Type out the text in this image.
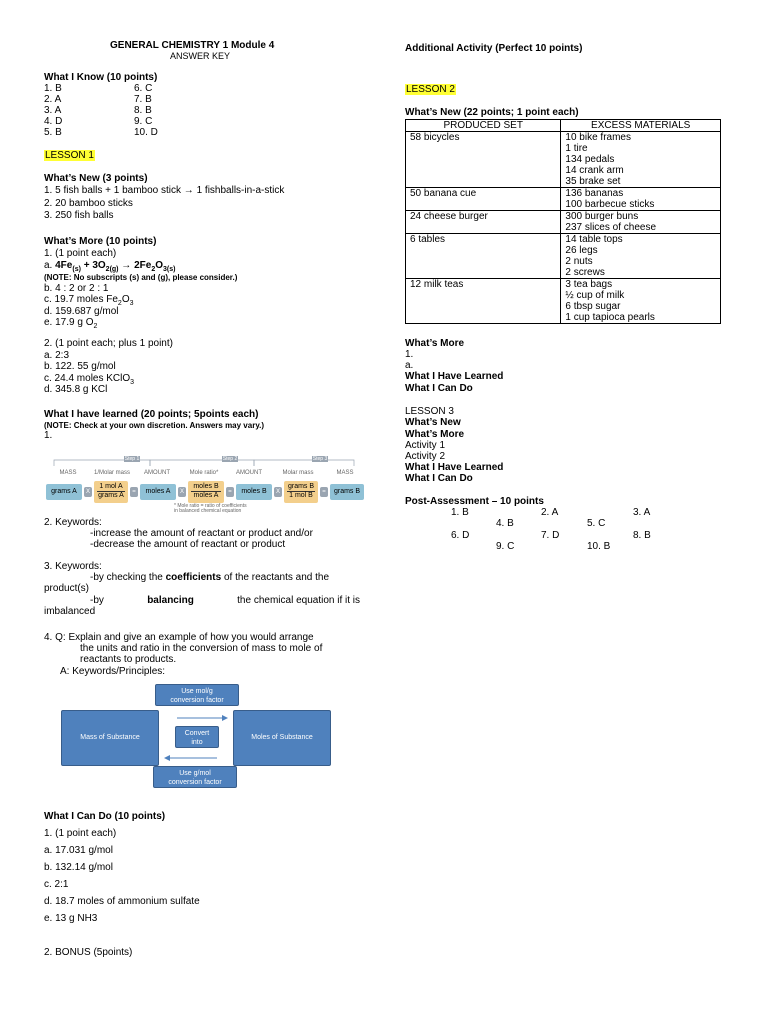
GENERAL CHEMISTRY 1 Module 4
ANSWER KEY
What I Know (10 points)
1. B
2. A
3. A
4. D
5. B
6. C
7. B
8. B
9. C
10. D
LESSON 1
What’s New (3 points)
1. 5 fish balls + 1 bamboo stick → 1 fishballs-in-a-stick
2. 20 bamboo sticks
3. 250 fish balls
What’s More (10 points)
1. (1 point each)
a. $4Fe_{(s)} + 3O_{2(g)} \to 2Fe_2O_{3(s)}$
(NOTE: No subscripts (s) and (g), please consider.)
b. 4 : 2 or 2 : 1
c. 19.7 moles $Fe_2O_3$
d. 159.687 g/mol
e. 17.9 g $O_2$
2. (1 point each; plus 1 point)
a. 2:3
b. 122. 55 g/mol
c. 24.4 moles KClO$_3$
d. 345.8 g KCl
What I have learned (20 points; 5points each)
(NOTE: Check at your own discretion. Answers may vary.)
1.
Step 1	Step 2	Step 3
MASS	1/Molar mass	AMOUNT	Mole ratio*	AMOUNT	Molar mass	MASS
grams A	X
1 mol A
grams A	=	moles A	X
moles B
moles A	=	moles B	X
grams B
1 mol B	=	grams B
* Mole ratio = ratio of coefficients
in balanced chemical equation
2. Keywords:
-increase the amount of reactant or product and/or
-decrease the amount of reactant or product
3. Keywords:
-by checking the coefficients of the reactants and the
product(s)
-by	balancing	the chemical equation if it is
imbalanced
4. Q: Explain and give an example of how you would arrange
the units and ratio in the conversion of mass to mole of
reactants to products.
A: Keywords/Principles:
Use mol/g
conversion factor
Mass of Substance	Moles of Substance
Convert
into
Use g/mol
conversion factor
What I Can Do (10 points)
1. (1 point each)
a. 17.031 g/mol
b. 132.14 g/mol
c. 2:1
d. 18.7 moles of ammonium sulfate
e. 13 g NH3
2. BONUS (5points)
Additional Activity (Perfect 10 points)
LESSON 2
What’s New (22 points; 1 point each)
PRODUCED SET	EXCESS MATERIALS
58 bicycles	10 bike frames
1 tire
134 pedals
14 crank arm
35 brake set

50 banana cue	136 bananas
100 barbecue sticks

24 cheese burger	300 burger buns
237 slices of cheese

6 tables	14 table tops
26 legs
2 nuts
2 screws

12 milk teas	3 tea bags
½ cup of milk
6 tbsp sugar
1 cup tapioca pearls
What’s More
1.
a.
What I Have Learned
What I Can Do
LESSON 3
What’s New
What’s More
Activity 1
Activity 2
What I Have Learned
What I Can Do
Post-Assessment – 10 points
1. B	2. A	3. A
4. B	5. C
6. D	7. D	8. B
9. C	10. B
